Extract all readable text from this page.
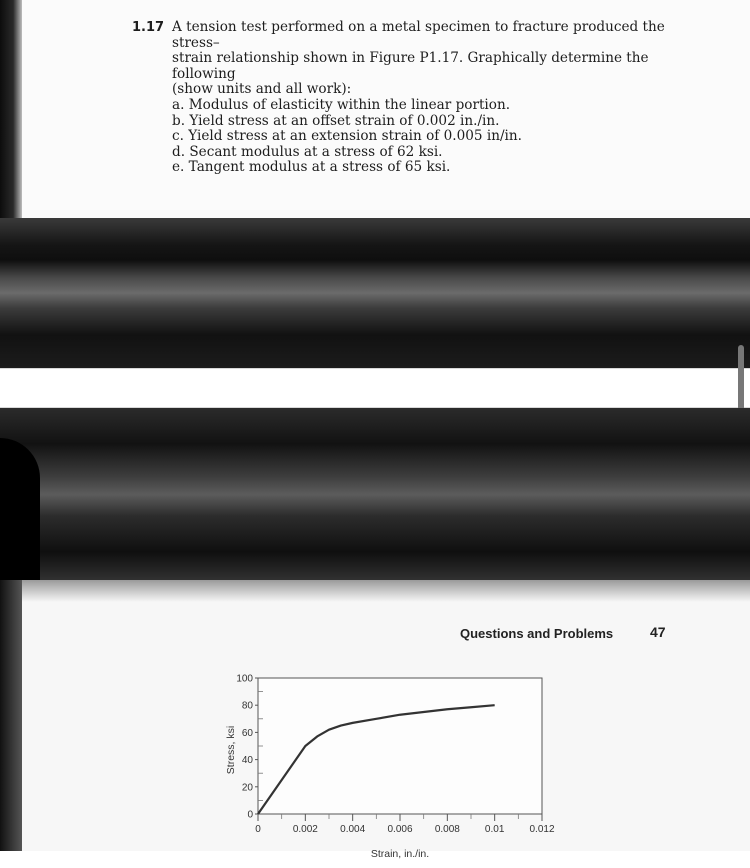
1.17 A tension test performed on a metal specimen to fracture produced the stress–
strain relationship shown in Figure P1.17. Graphically determine the following
(show units and all work):
a. Modulus of elasticity within the linear portion.
b. Yield stress at an offset strain of 0.002 in./in.
c. Yield stress at an extension strain of 0.005 in/in.
d. Secant modulus at a stress of 62 ksi.
e. Tangent modulus at a stress of 65 ksi.
Questions and Problems	47
0
20
40
60
80
100
0	0.002 0.004 0.006 0.008	0.01	0.012
Strain, in./in.
Stress, ksi
